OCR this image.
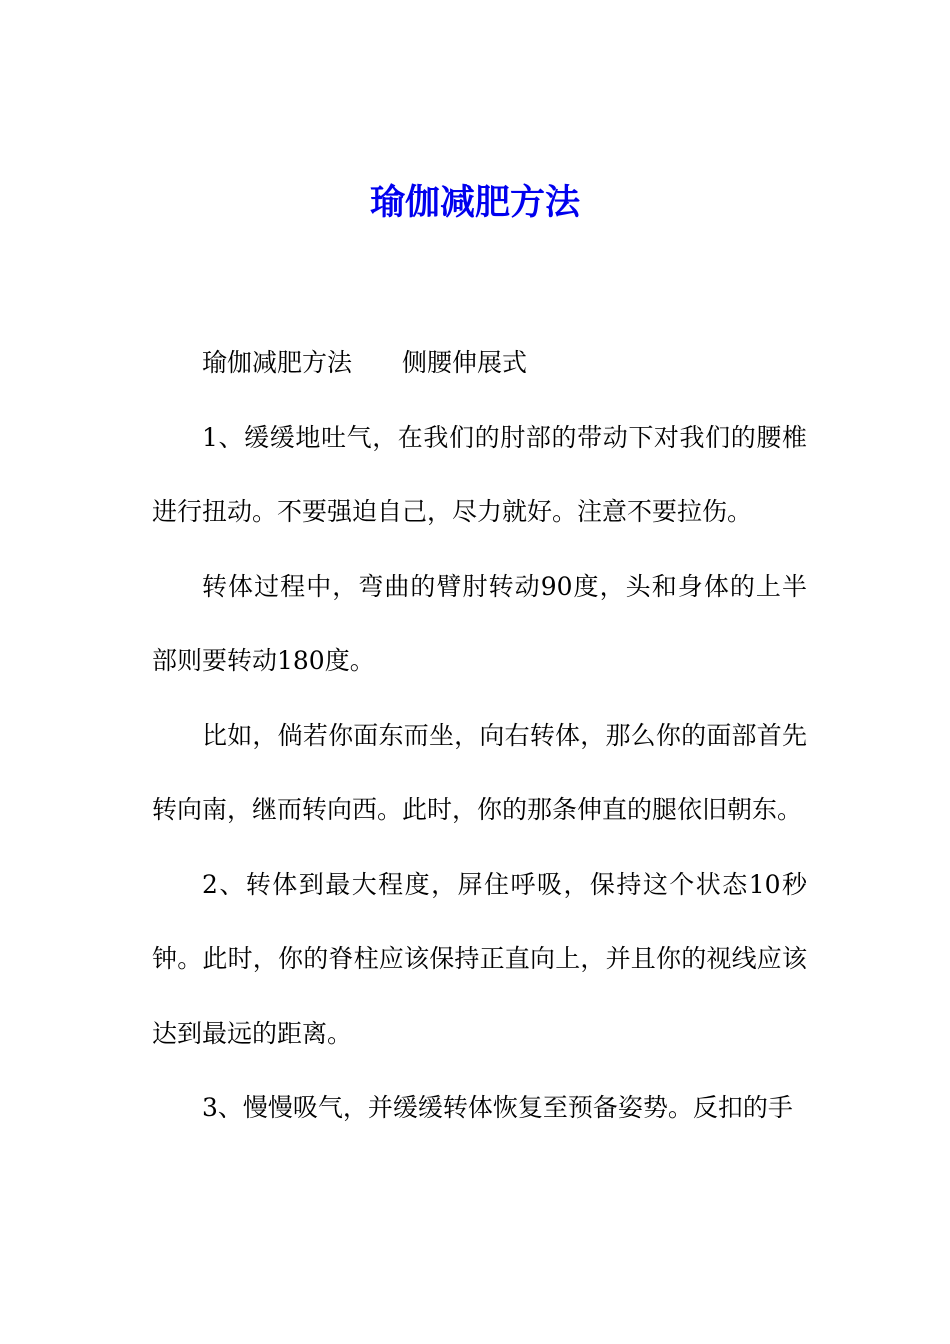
瑜伽减肥方法

瑜伽减肥方法　　侧腰伸展式

1、缓缓地吐气，在我们的肘部的带动下对我们的腰椎进行扭动。不要强迫自己，尽力就好。注意不要拉伤。

转体过程中，弯曲的臂肘转动90度，头和身体的上半部则要转动180度。

比如，倘若你面东而坐，向右转体，那么你的面部首先转向南，继而转向西。此时，你的那条伸直的腿依旧朝东。

2、转体到最大程度，屏住呼吸，保持这个状态10秒钟。此时，你的脊柱应该保持正直向上，并且你的视线应该达到最远的距离。

3、慢慢吸气，并缓缓转体恢复至预备姿势。反扣的手
